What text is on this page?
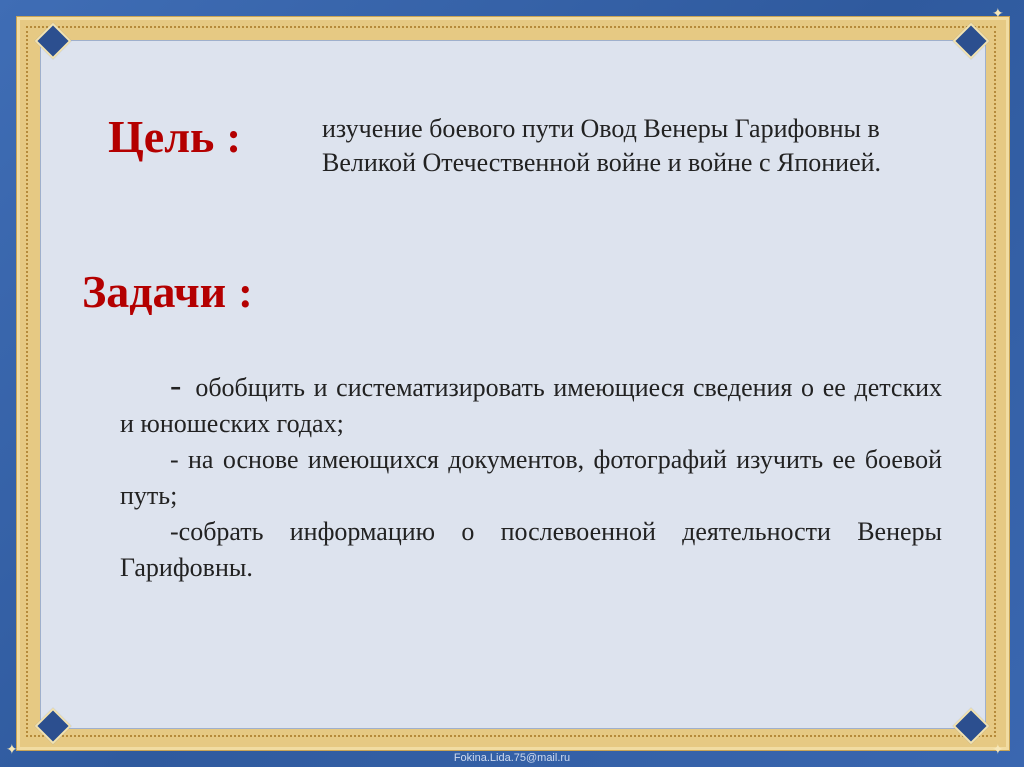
✦
✦	✦
Цель :	изучение боевого пути Овод Венеры Гарифовны в Великой Отечественной войне и войне с Японией.
Задачи :

- обобщить и систематизировать имеющиеся сведения о ее детских и юношеских годах;

- на основе имеющихся документов, фотографий изучить ее боевой путь;

-собрать информацию о послевоенной деятельности Венеры Гарифовны.

Fokina.Lida.75@mail.ru
